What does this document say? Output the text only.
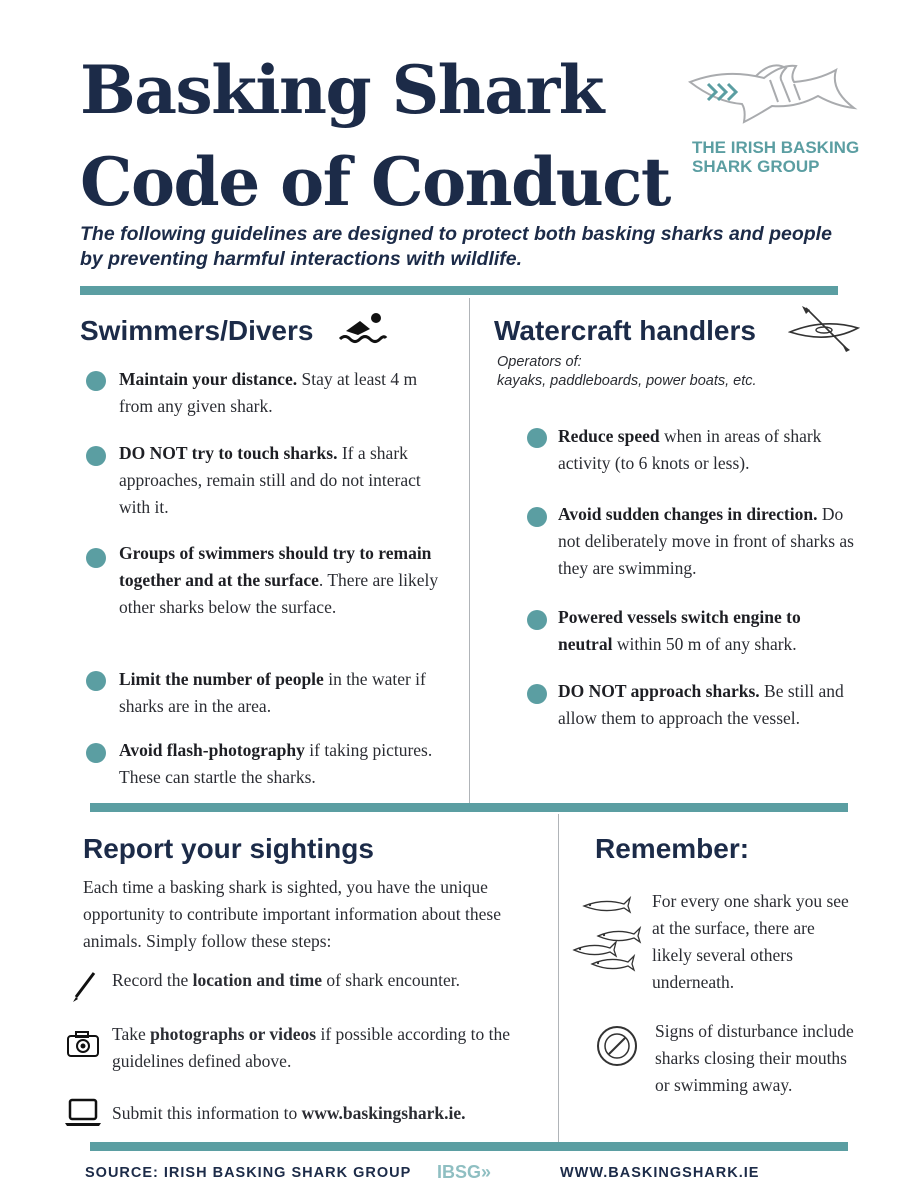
Basking Shark
Code of Conduct	THE IRISH BASKING
SHARK GROUP
The following guidelines are designed to protect both basking sharks and people by preventing harmful interactions with wildlife.
Swimmers/Divers
Maintain your distance. Stay at least 4 m from any given shark.
DO NOT try to touch sharks. If a shark approaches, remain still and do not interact with it.
Groups of swimmers should try to remain together and at the surface. There are likely other sharks below the surface.
Limit the number of people in the water if sharks are in the area.
Avoid flash-photography if taking pictures. These can startle the sharks.
Watercraft handlers
Operators of:
kayaks, paddleboards, power boats, etc.
Reduce speed when in areas of shark activity (to 6 knots or less).
Avoid sudden changes in direction. Do not deliberately move in front of sharks as they are swimming.
Powered vessels switch engine to neutral within 50 m of any shark.
DO NOT approach sharks. Be still and allow them to approach the vessel.
Report your sightings
Each time a basking shark is sighted, you have the unique opportunity to contribute important information about these animals. Simply follow these steps:
Record the location and time of shark encounter.
Take photographs or videos if possible according to the guidelines defined above.
Submit this information to www.baskingshark.ie.
Remember:
For every one shark you see at the surface, there are likely several others underneath.
Signs of disturbance include sharks closing their mouths or swimming away.
SOURCE: IRISH BASKING SHARK GROUP IBSG»	WWW.BASKINGSHARK.IE
